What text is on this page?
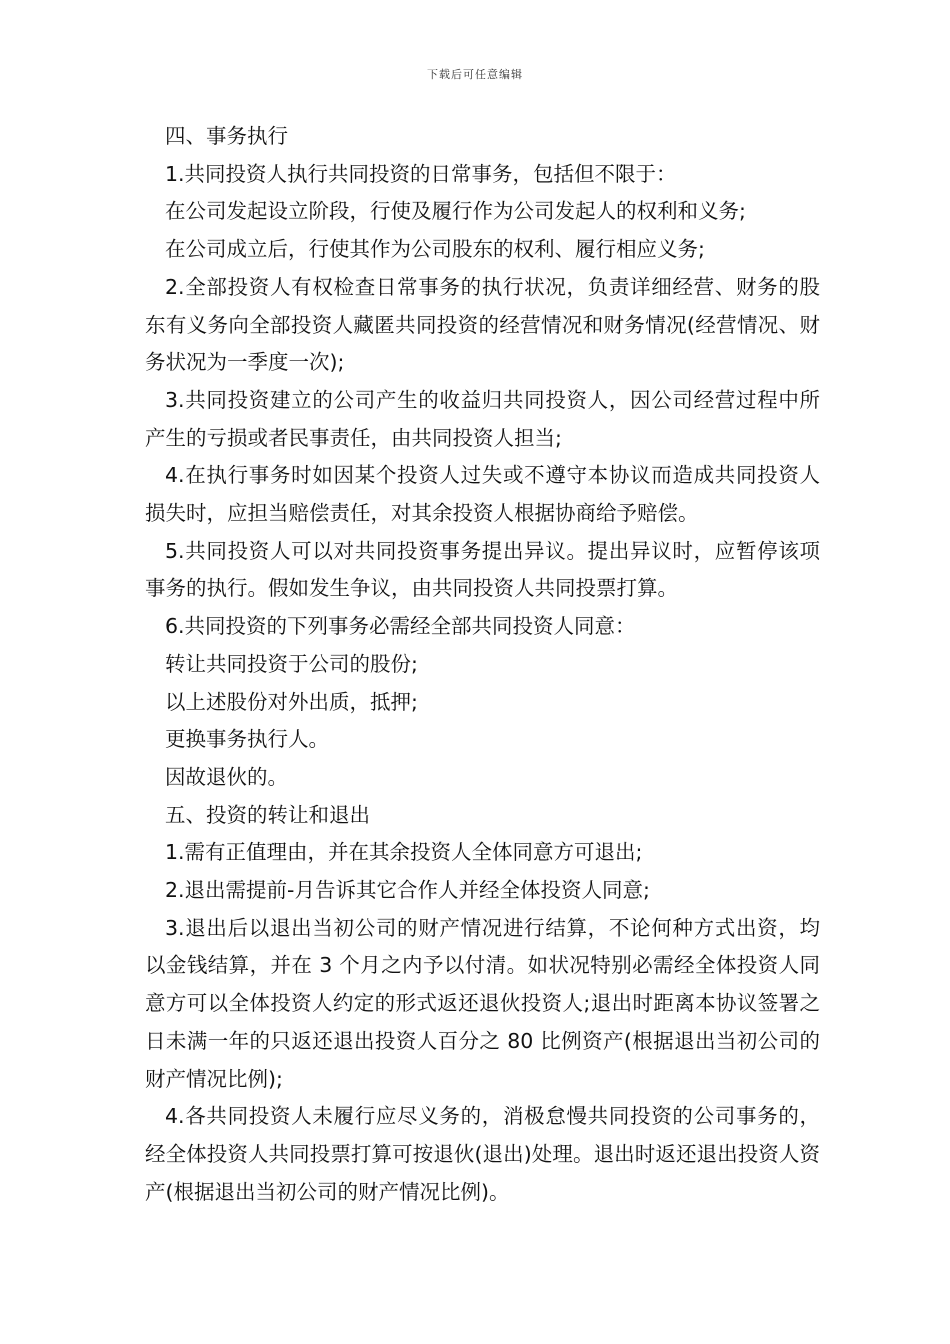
下载后可任意编辑

四、事务执行

1.共同投资人执行共同投资的日常事务，包括但不限于：

在公司发起设立阶段，行使及履行作为公司发起人的权利和义务;

在公司成立后，行使其作为公司股东的权利、履行相应义务;

2.全部投资人有权检查日常事务的执行状况，负责详细经营、财务的股东有义务向全部投资人藏匿共同投资的经营情况和财务情况(经营情况、财务状况为一季度一次);

3.共同投资建立的公司产生的收益归共同投资人，因公司经营过程中所产生的亏损或者民事责任，由共同投资人担当;

4.在执行事务时如因某个投资人过失或不遵守本协议而造成共同投资人损失时，应担当赔偿责任，对其余投资人根据协商给予赔偿。

5.共同投资人可以对共同投资事务提出异议。提出异议时，应暂停该项事务的执行。假如发生争议，由共同投资人共同投票打算。

6.共同投资的下列事务必需经全部共同投资人同意：

转让共同投资于公司的股份;

以上述股份对外出质，抵押;

更换事务执行人。

因故退伙的。

五、投资的转让和退出

1.需有正值理由，并在其余投资人全体同意方可退出;

2.退出需提前-月告诉其它合作人并经全体投资人同意;

3.退出后以退出当初公司的财产情况进行结算，不论何种方式出资，均以金钱结算，并在 3 个月之内予以付清。如状况特别必需经全体投资人同意方可以全体投资人约定的形式返还退伙投资人;退出时距离本协议签署之日未满一年的只返还退出投资人百分之 80 比例资产(根据退出当初公司的财产情况比例);

4.各共同投资人未履行应尽义务的，消极怠慢共同投资的公司事务的，经全体投资人共同投票打算可按退伙(退出)处理。退出时返还退出投资人资产(根据退出当初公司的财产情况比例)。
